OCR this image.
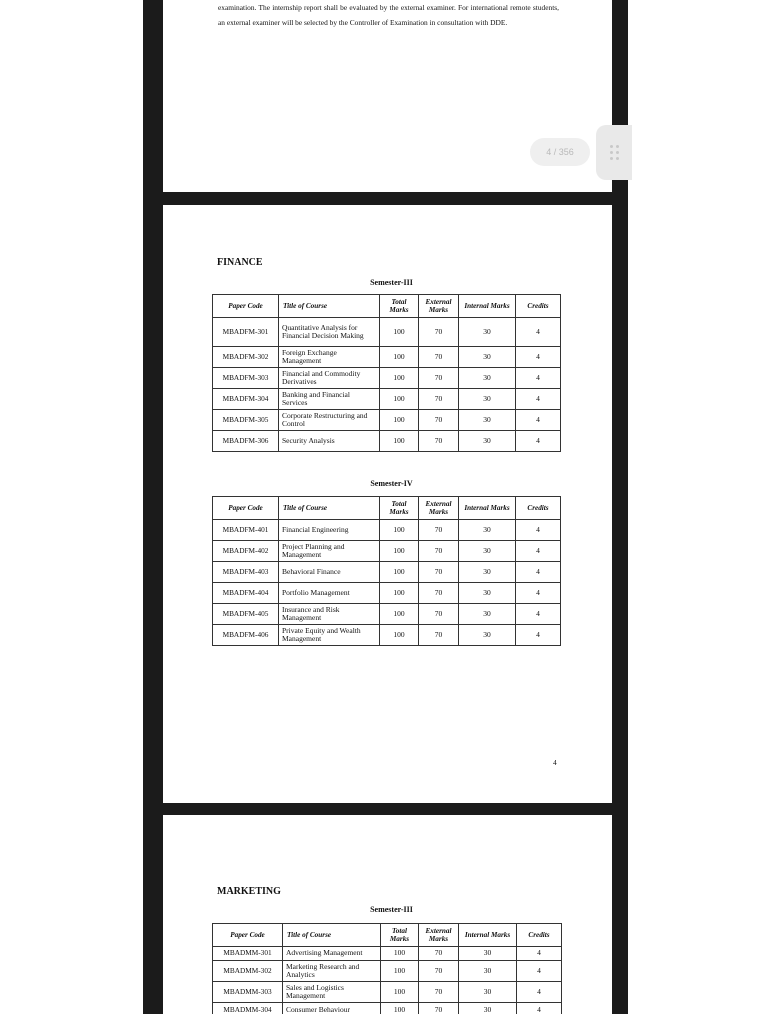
examination. The internship report shall be evaluated by the external examiner. For international remote students, an external examiner will be selected by the Controller of Examination in consultation with DDE.

4 / 356
FINANCE
Semester-III
Paper Code	Title of Course	Total Marks	External Marks	Internal Marks	Credits
MBADFM-301	Quantitative Analysis for Financial Decision Making	100	70	30	4
MBADFM-302	Foreign Exchange Management	100	70	30	4
MBADFM-303	Financial and Commodity Derivatives	100	70	30	4
MBADFM-304	Banking and Financial Services	100	70	30	4
MBADFM-305	Corporate Restructuring and Control	100	70	30	4
MBADFM-306	Security Analysis	100	70	30	4
Semester-IV
Paper Code	Title of Course	Total Marks	External Marks	Internal Marks	Credits
MBADFM-401	Financial Engineering	100	70	30	4
MBADFM-402	Project Planning and Management	100	70	30	4
MBADFM-403	Behavioral Finance	100	70	30	4
MBADFM-404	Portfolio Management	100	70	30	4
MBADFM-405	Insurance and Risk Management	100	70	30	4
MBADFM-406	Private Equity and Wealth Management	100	70	30	4
4
MARKETING
Semester-III
Paper Code	Title of Course	Total Marks	External Marks	Internal Marks	Credits
MBADMM-301	Advertising Management	100	70	30	4
MBADMM-302	Marketing Research and Analytics	100	70	30	4
MBADMM-303	Sales and Logistics Management	100	70	30	4
MBADMM-304	Consumer Behaviour	100	70	30	4
